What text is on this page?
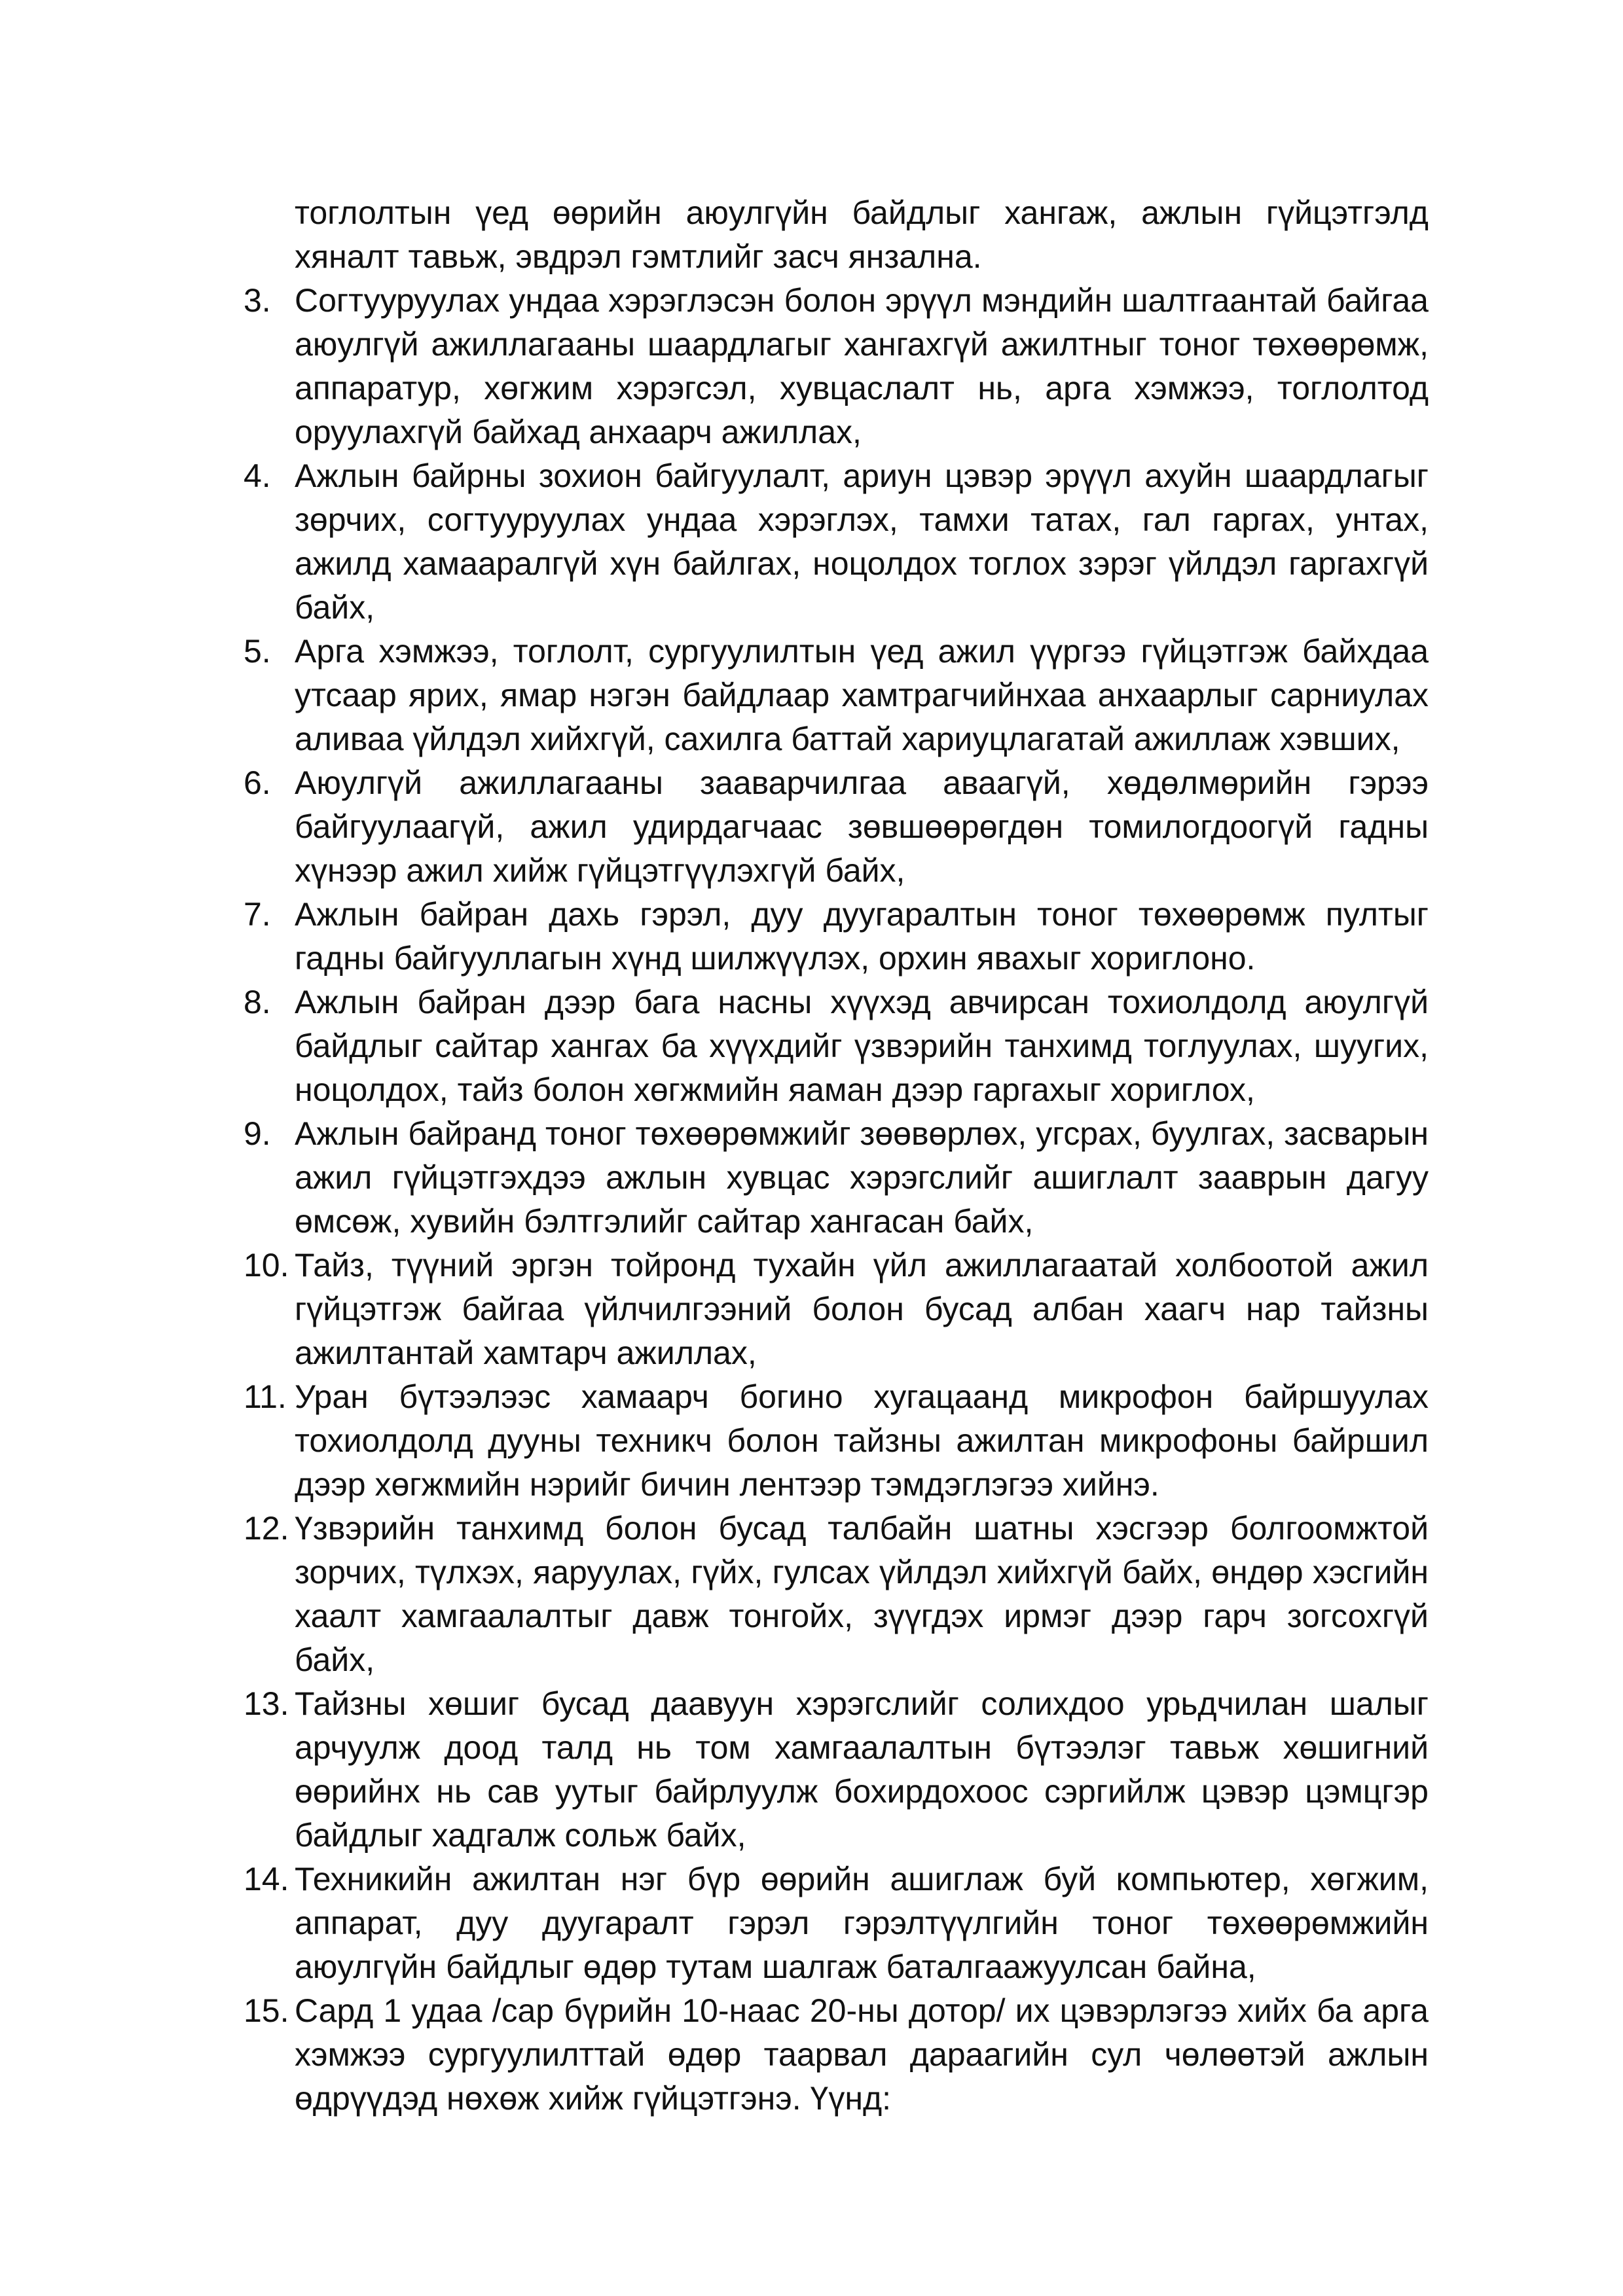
тоглолтын үед өөрийн аюулгүйн байдлыг хангаж, ажлын гүйцэтгэлд хяналт тавьж, эвдрэл гэмтлийг засч янзална.
3. Согтууруулах ундаа хэрэглэсэн болон эрүүл мэндийн шалтгаантай байгаа аюулгүй ажиллагааны шаардлагыг хангахгүй ажилтныг тоног төхөөрөмж, аппаратур, хөгжим хэрэгсэл, хувцаслалт нь, арга хэмжээ, тоглолтод оруулахгүй байхад анхаарч ажиллах,
4. Ажлын байрны зохион байгуулалт, ариун цэвэр эрүүл ахуйн шаардлагыг зөрчих, согтууруулах ундаа хэрэглэх, тамхи татах, гал гаргах, унтах, ажилд хамааралгүй хүн байлгах, ноцолдох тоглох зэрэг үйлдэл гаргахгүй байх,
5. Арга хэмжээ, тоглолт, сургуулилтын үед ажил үүргээ гүйцэтгэж байхдаа утсаар ярих, ямар нэгэн байдлаар хамтрагчийнхаа анхаарлыг сарниулах аливаа үйлдэл хийхгүй, сахилга баттай хариуцлагатай ажиллаж хэвших,
6. Аюулгүй ажиллагааны зааварчилгаа аваагүй, хөдөлмөрийн гэрээ байгуулаагүй, ажил удирдагчаас зөвшөөрөгдөн томилогдоогүй гадны хүнээр ажил хийж гүйцэтгүүлэхгүй байх,
7. Ажлын байран дахь гэрэл, дуу дуугаралтын тоног төхөөрөмж пултыг гадны байгууллагын хүнд шилжүүлэх, орхин явахыг хориглоно.
8. Ажлын байран дээр бага насны хүүхэд авчирсан тохиолдолд аюулгүй байдлыг сайтар хангах ба хүүхдийг үзвэрийн танхимд тоглуулах, шуугих, ноцолдох, тайз болон хөгжмийн яаман дээр гаргахыг хориглох,
9. Ажлын байранд тоног төхөөрөмжийг зөөвөрлөх, угсрах, буулгах, засварын ажил гүйцэтгэхдээ ажлын хувцас хэрэгслийг ашиглалт зааврын дагуу өмсөж, хувийн бэлтгэлийг сайтар хангасан байх,
10. Тайз, түүний эргэн тойронд тухайн үйл ажиллагаатай холбоотой ажил гүйцэтгэж байгаа үйлчилгээний болон бусад албан хаагч нар тайзны ажилтантай хамтарч ажиллах,
11. Уран бүтээлээс хамаарч богино хугацаанд микрофон байршуулах тохиолдолд дууны техникч болон тайзны ажилтан микрофоны байршил дээр хөгжмийн нэрийг бичин лентээр тэмдэглэгээ хийнэ.
12. Үзвэрийн танхимд болон бусад талбайн шатны хэсгээр болгоомжтой зорчих, түлхэх, яаруулах, гүйх, гулсах үйлдэл хийхгүй байх, өндөр хэсгийн хаалт хамгаалалтыг давж тонгойх, зүүгдэх ирмэг дээр гарч зогсохгүй байх,
13. Тайзны хөшиг бусад даавуун хэрэгслийг солихдоо урьдчилан шалыг арчуулж доод талд нь том хамгаалалтын бүтээлэг тавьж хөшигний өөрийнх нь сав уутыг байрлуулж бохирдохоос сэргийлж цэвэр цэмцгэр байдлыг хадгалж сольж байх,
14. Техникийн ажилтан нэг бүр өөрийн ашиглаж буй компьютер, хөгжим, аппарат, дуу дуугаралт гэрэл гэрэлтүүлгийн тоног төхөөрөмжийн аюулгүйн байдлыг өдөр тутам шалгаж баталгаажуулсан байна,
15. Сард 1 удаа /сар бүрийн 10-наас 20-ны дотор/ их цэвэрлэгээ хийх ба арга хэмжээ сургуулилттай өдөр таарвал дараагийн сул чөлөөтэй ажлын өдрүүдэд нөхөж хийж гүйцэтгэнэ. Үүнд:
